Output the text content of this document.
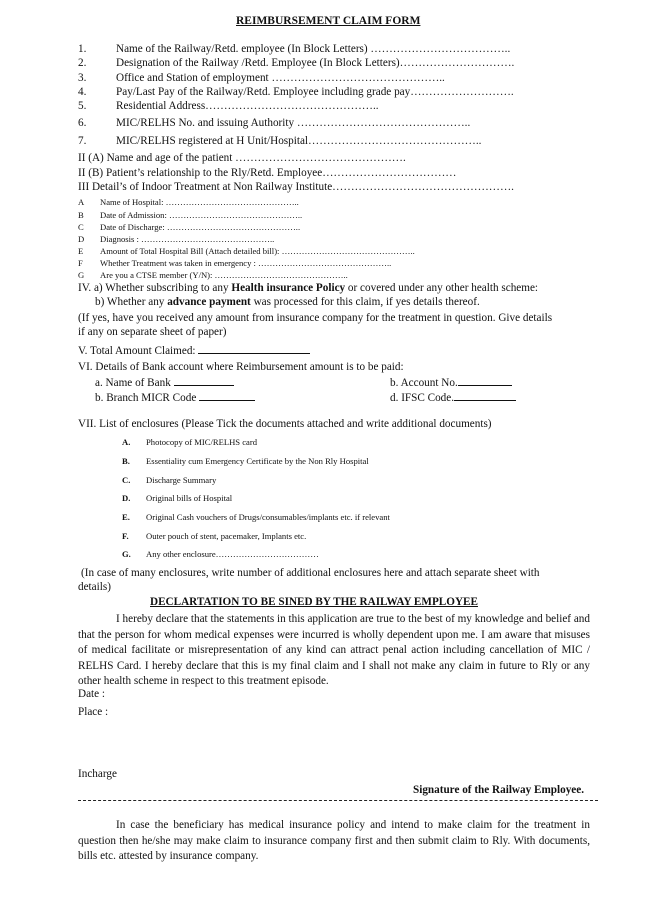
REIMBURSEMENT CLAIM FORM
1.	Name of the Railway/Retd. employee (In Block Letters) ………………………………..
2.	Designation of the Railway /Retd. Employee (In Block Letters)………………………….
3.	Office and Station of employment ………………………………………..
4.	Pay/Last Pay of the Railway/Retd. Employee including grade pay……………………….
5.	Residential Address………………………………………..
6.	MIC/RELHS No. and issuing Authority ………………………………………..
7.	MIC/RELHS registered at H Unit/Hospital………………………………………..
II (A) Name and age of the patient ……………………………………….
II (B) Patient’s relationship to the Rly/Retd. Employee………………………………
III Detail’s of Indoor Treatment at Non Railway Institute………………………………………….
A Name of Hospital: ………………………………………..
B Date of Admission: ………………………………………..
C Date of Discharge: ………………………………………..
D Diagnosis : ………………………………………..
E Amount of Total Hospital Bill (Attach detailed bill): ………………………………………..
F Whether Treatment was taken in emergency : ………………………………………..
G Are you a CTSE member (Y/N): ………………………………………..
IV. a) Whether subscribing to any Health insurance Policy or covered under any other health scheme:
b) Whether any advance payment was processed for this claim, if yes details thereof.
(If yes, have you received any amount from insurance company for the treatment in question. Give details
if any on separate sheet of paper)
V. Total Amount Claimed:
VI. Details of Bank account where Reimbursement amount is to be paid:
a. Name of Bank	b. Account No.
b. Branch MICR Code	d. IFSC Code.
VII. List of enclosures (Please Tick the documents attached and write additional documents)
A. Photocopy of MIC/RELHS card
B. Essentiality cum Emergency Certificate by the Non Rly Hospital
C. Discharge Summary
D. Original bills of Hospital
E. Original Cash vouchers of Drugs/consumables/implants etc. if relevant
F. Outer pouch of stent, pacemaker, Implants etc.
G. Any other enclosure………………………………
(In case of many enclosures, write number of additional enclosures here and attach separate sheet with
details)
DECLARTATION TO BE SINED BY THE RAILWAY EMPLOYEE
I hereby declare that the statements in this application are true to the best of my knowledge and belief and that the person for whom medical expenses were incurred is wholly dependent upon me. I am aware that misuses of medical facilitate or misrepresentation of any kind can attract penal action including cancellation of MIC / RELHS Card. I hereby declare that this is my final claim and I shall not make any claim in future to Rly or any other health scheme in respect to this treatment episode.
Date :
Place :
Incharge
Signature of the Railway Employee.
In case the beneficiary has medical insurance policy and intend to make claim for the treatment in question then he/she may make claim to insurance company first and then submit claim to Rly. With documents, bills etc. attested by insurance company.
